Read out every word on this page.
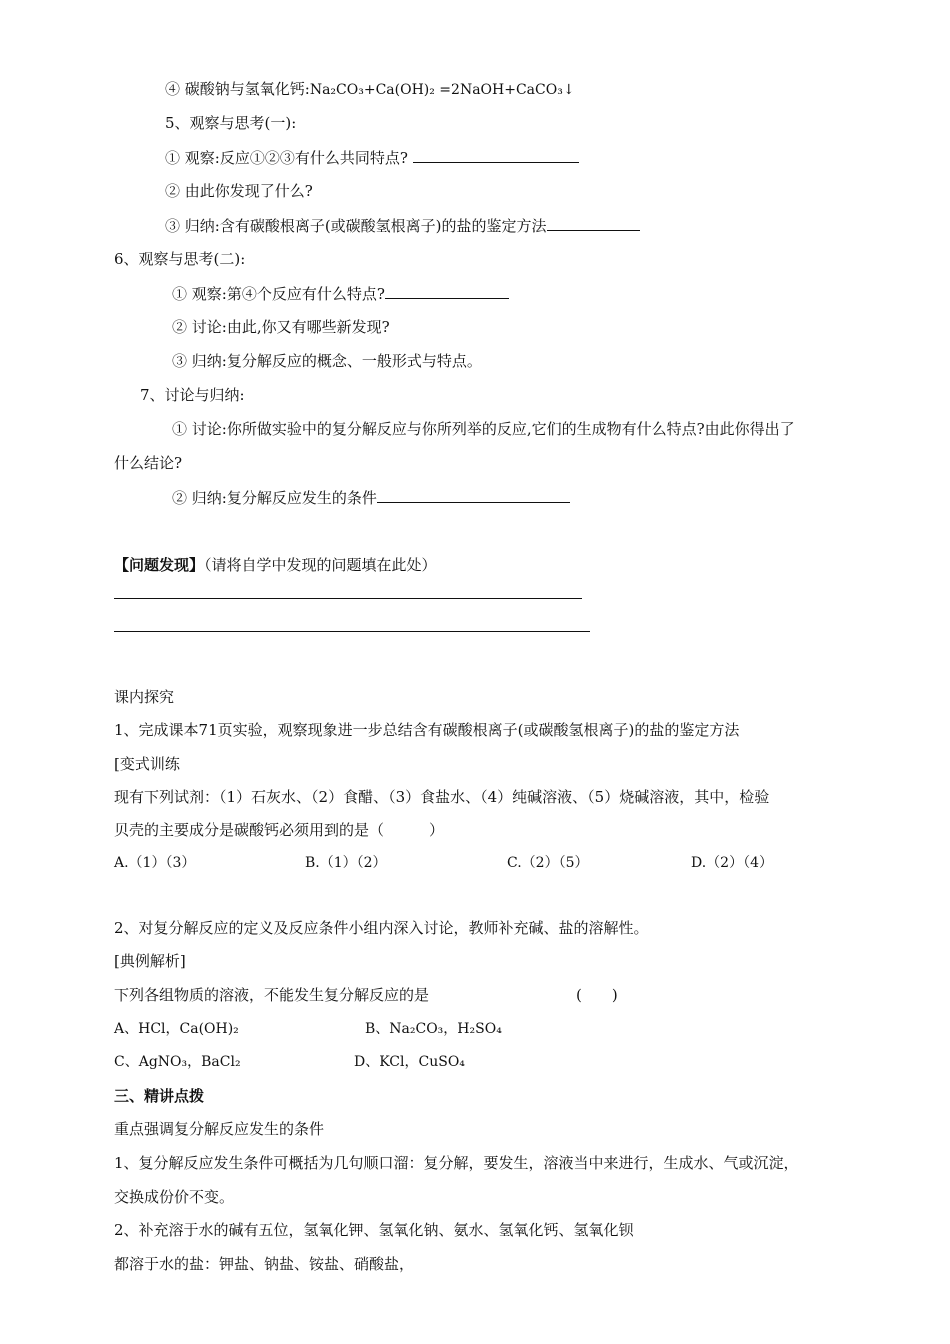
④ 碳酸钠与氢氧化钙:Na₂CO₃+Ca(OH)₂ =2NaOH+CaCO₃↓
5、观察与思考(一):
① 观察:反应①②③有什么共同特点?
② 由此你发现了什么?
③ 归纳:含有碳酸根离子(或碳酸氢根离子)的盐的鉴定方法
6、观察与思考(二):
① 观察:第④个反应有什么特点?
② 讨论:由此,你又有哪些新发现?
③ 归纳:复分解反应的概念、一般形式与特点。
7、讨论与归纳:
① 讨论:你所做实验中的复分解反应与你所列举的反应,它们的生成物有什么特点?由此你得出了
什么结论?
② 归纳:复分解反应发生的条件
【问题发现】（请将自学中发现的问题填在此处）
课内探究
1、完成课本71页实验，观察现象进一步总结含有碳酸根离子(或碳酸氢根离子)的盐的鉴定方法
[变式训练
现有下列试剂：（1）石灰水、（2）食醋、（3）食盐水、（4）纯碱溶液、（5）烧碱溶液，其中，检验
贝壳的主要成分是碳酸钙必须用到的是（　　　）
A.（1）（3）	B.（1）（2）	C.（2）（5）	D.（2）（4）
2、对复分解反应的定义及反应条件小组内深入讨论，教师补充碱、盐的溶解性。
[典例解析]
下列各组物质的溶液，不能发生复分解反应的是	(　　)
A、HCl，Ca(OH)₂	B、Na₂CO₃，H₂SO₄
C、AgNO₃，BaCl₂	D、KCl，CuSO₄
三、精讲点拨
重点强调复分解反应发生的条件
1、复分解反应发生条件可概括为几句顺口溜：复分解，要发生，溶液当中来进行，生成水、气或沉淀，
交换成份价不变。
2、补充溶于水的碱有五位，氢氧化钾、氢氧化钠、氨水、氢氧化钙、氢氧化钡
都溶于水的盐：钾盐、钠盐、铵盐、硝酸盐，
